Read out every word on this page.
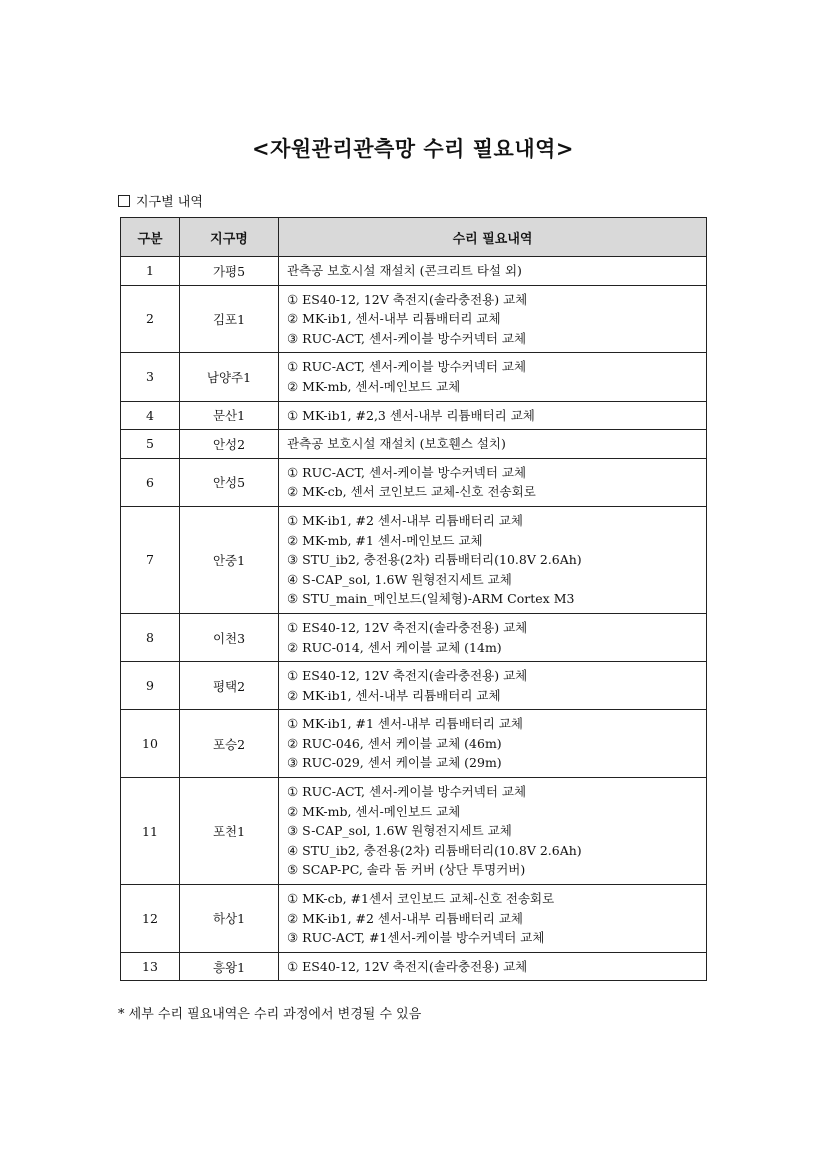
<자원관리관측망 수리 필요내역>
지구별 내역
구분	지구명	수리 필요내역
1	가평5	관측공 보호시설 재설치 (콘크리트 타설 외)

2	김포1	① ES40-12, 12V 축전지(솔라충전용) 교체
② MK-ib1, 센서-내부 리튬배터리 교체
③ RUC-ACT, 센서-케이블 방수커넥터 교체

3	남양주1	① RUC-ACT, 센서-케이블 방수커넥터 교체
② MK-mb, 센서-메인보드 교체

4	문산1	① MK-ib1, #2,3 센서-내부 리튬배터리 교체

5	안성2	관측공 보호시설 재설치 (보호휀스 설치)

6	안성5	① RUC-ACT, 센서-케이블 방수커넥터 교체
② MK-cb, 센서 코인보드 교체-신호 전송회로

7	안중1	① MK-ib1, #2 센서-내부 리튬배터리 교체
② MK-mb, #1 센서-메인보드 교체
③ STU_ib2, 충전용(2차) 리튬배터리(10.8V 2.6Ah)
④ S-CAP_sol, 1.6W 원형전지세트 교체
⑤ STU_main_메인보드(일체형)-ARM Cortex M3

8	이천3	① ES40-12, 12V 축전지(솔라충전용) 교체
② RUC-014, 센서 케이블 교체 (14m)

9	평택2	① ES40-12, 12V 축전지(솔라충전용) 교체
② MK-ib1, 센서-내부 리튬배터리 교체

10	포승2	① MK-ib1, #1 센서-내부 리튬배터리 교체
② RUC-046, 센서 케이블 교체 (46m)
③ RUC-029, 센서 케이블 교체 (29m)

11	포천1	① RUC-ACT, 센서-케이블 방수커넥터 교체
② MK-mb, 센서-메인보드 교체
③ S-CAP_sol, 1.6W 원형전지세트 교체
④ STU_ib2, 충전용(2차) 리튬배터리(10.8V 2.6Ah)
⑤ SCAP-PC, 솔라 돔 커버 (상단 투명커버)

12	하상1	① MK-cb, #1센서 코인보드 교체-신호 전송회로
② MK-ib1, #2 센서-내부 리튬배터리 교체
③ RUC-ACT, #1센서-케이블 방수커넥터 교체

13	흥왕1	① ES40-12, 12V 축전지(솔라충전용) 교체
* 세부 수리 필요내역은 수리 과정에서 변경될 수 있음
